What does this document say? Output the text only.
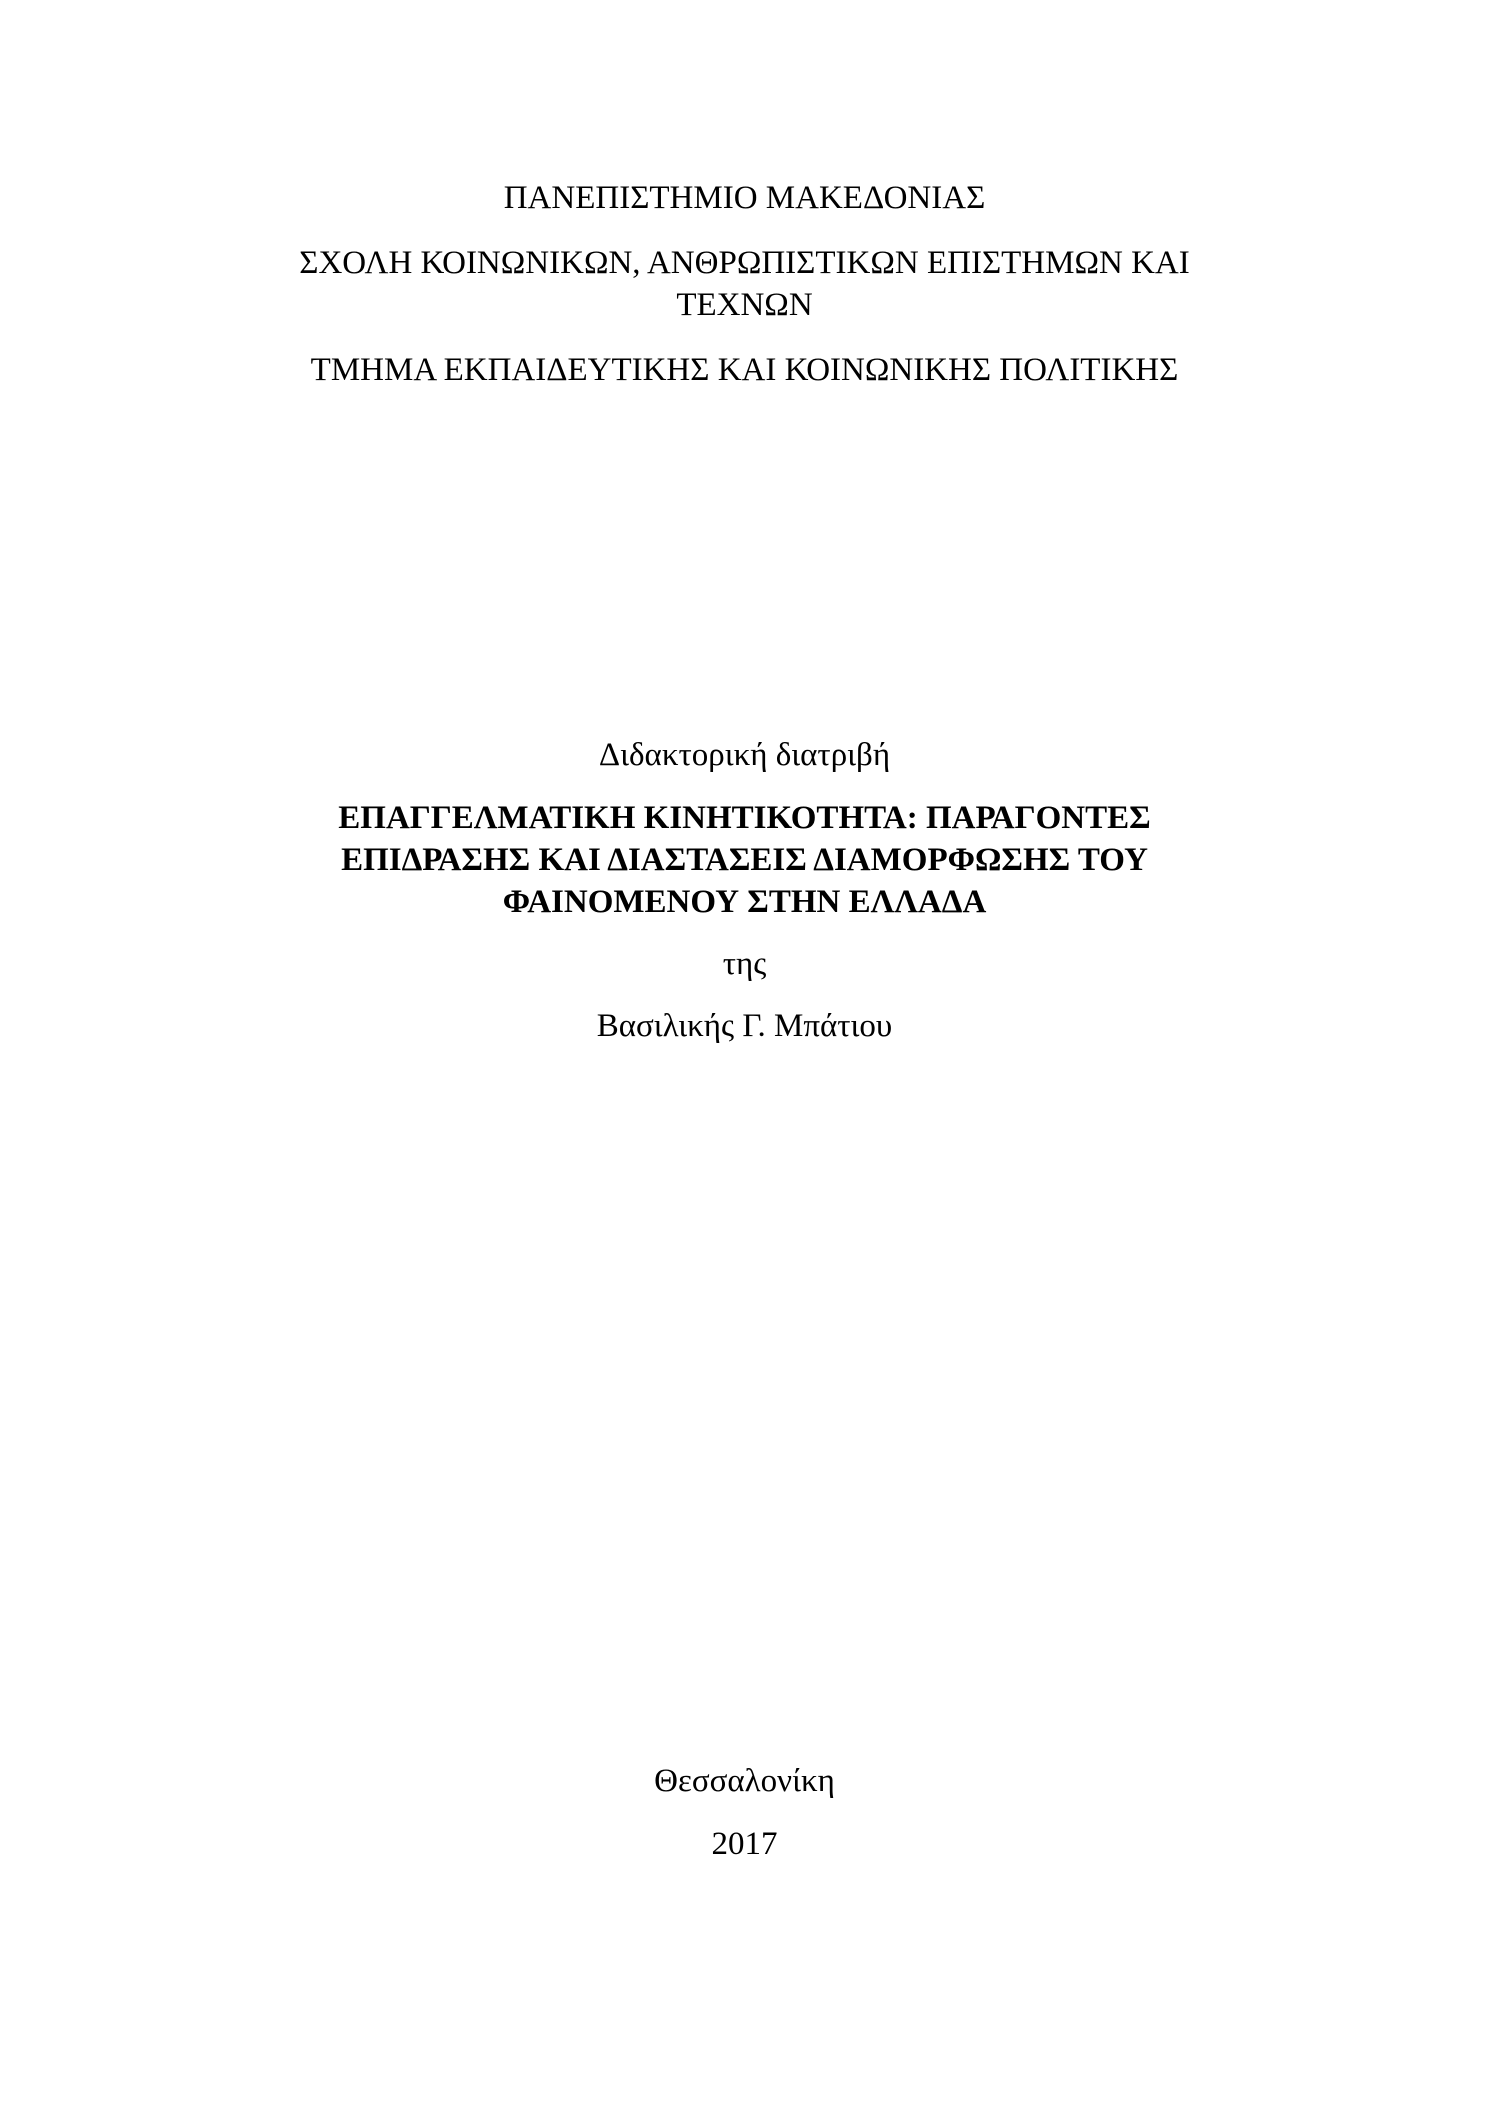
ΠΑΝΕΠΙΣΤΗΜΙΟ ΜΑΚΕΔΟΝΙΑΣ
ΣΧΟΛΗ ΚΟΙΝΩΝΙΚΩΝ, ΑΝΘΡΩΠΙΣΤΙΚΩΝ ΕΠΙΣΤΗΜΩΝ ΚΑΙ
ΤΕΧΝΩΝ
ΤΜΗΜΑ ΕΚΠΑΙΔΕΥΤΙΚΗΣ ΚΑΙ ΚΟΙΝΩΝΙΚΗΣ ΠΟΛΙΤΙΚΗΣ
Διδακτορική διατριβή
ΕΠΑΓΓΕΛΜΑΤΙΚΗ ΚΙΝΗΤΙΚΟΤΗΤΑ: ΠΑΡΑΓΟΝΤΕΣ
ΕΠΙΔΡΑΣΗΣ ΚΑΙ ΔΙΑΣΤΑΣΕΙΣ ΔΙΑΜΟΡΦΩΣΗΣ ΤΟΥ
ΦΑΙΝΟΜΕΝΟΥ ΣΤΗΝ ΕΛΛΑΔΑ
της
Βασιλικής Γ. Μπάτιου
Θεσσαλονίκη
2017
